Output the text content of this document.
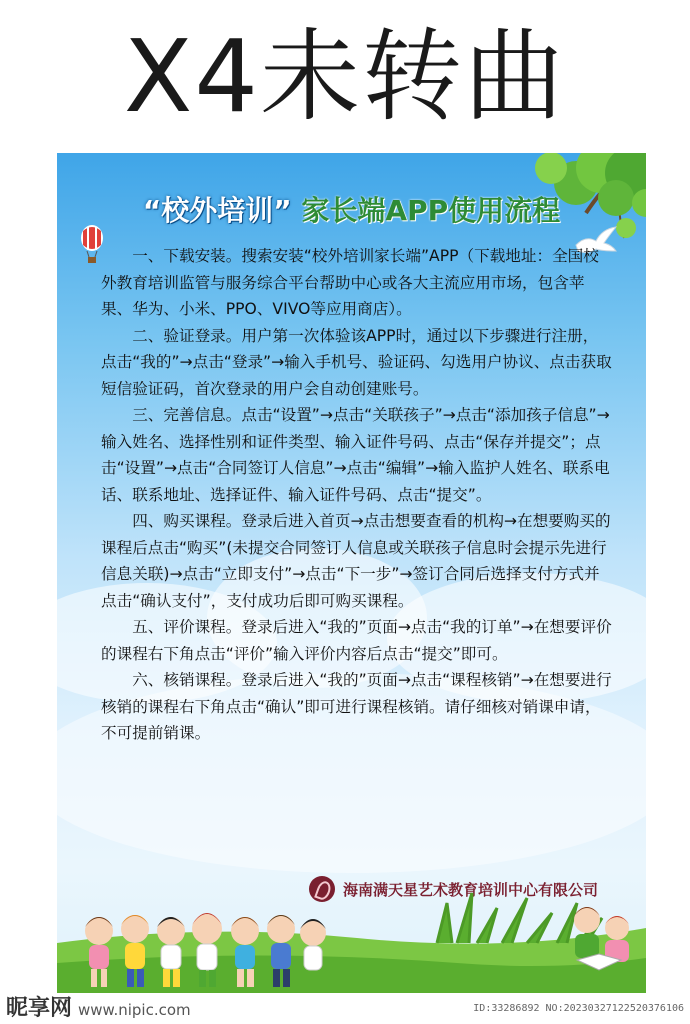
X4未转曲
“校外培训” 家长端APP使用流程

一、下载安装。搜索安装“校外培训家长端”APP（下载地址：全国校外教育培训监管与服务综合平台帮助中心或各大主流应用市场，包含苹果、华为、小米、PPO、VIVO等应用商店）。

二、验证登录。用户第一次体验该APP时，通过以下步骤进行注册，点击“我的”→点击“登录”→输入手机号、验证码、勾选用户协议、点击获取短信验证码，首次登录的用户会自动创建账号。

三、完善信息。点击“设置”→点击“关联孩子”→点击“添加孩子信息”→输入姓名、选择性别和证件类型、输入证件号码、点击“保存并提交”；点击“设置”→点击“合同签订人信息”→点击“编辑”→输入监护人姓名、联系电话、联系地址、选择证件、输入证件号码、点击“提交”。

四、购买课程。登录后进入首页→点击想要查看的机构→在想要购买的课程后点击“购买”(未提交合同签订人信息或关联孩子信息时会提示先进行信息关联)→点击“立即支付”→点击“下一步”→签订合同后选择支付方式并点击“确认支付”，支付成功后即可购买课程。

五、评价课程。登录后进入“我的”页面→点击“我的订单”→在想要评价的课程右下角点击“评价”输入评价内容后点击“提交”即可。

六、核销课程。登录后进入“我的”页面→点击“课程核销”→在想要进行核销的课程右下角点击“确认”即可进行课程核销。请仔细核对销课申请，不可提前销课。

海南满天星艺术教育培训中心有限公司
昵享网 www.nipic.com	ID:33286892 NO:20230327122520376106
